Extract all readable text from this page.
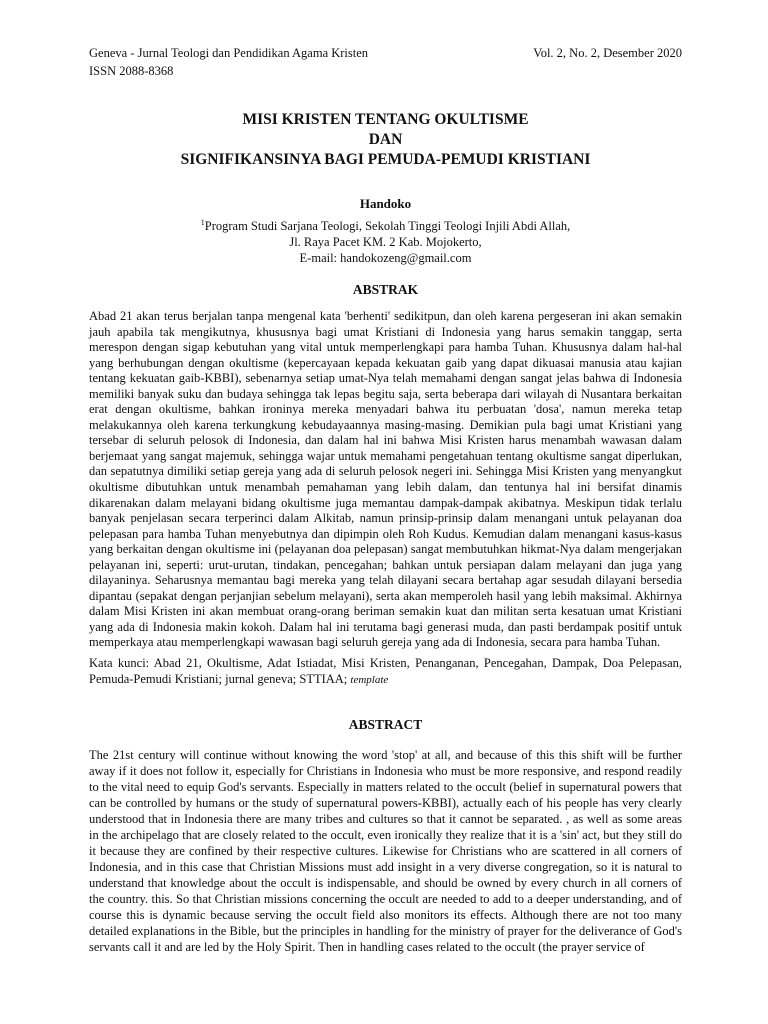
Geneva - Jurnal Teologi dan Pendidikan Agama Kristen	Vol. 2, No. 2, Desember 2020
ISSN 2088-8368

MISI KRISTEN TENTANG OKULTISME

DAN

SIGNIFIKANSINYA BAGI PEMUDA-PEMUDI KRISTIANI

Handoko
$^1$Program Studi Sarjana Teologi, Sekolah Tinggi Teologi Injili Abdi Allah,
Jl. Raya Pacet KM. 2 Kab. Mojokerto,
E-mail: handokozeng@gmail.com
ABSTRAK

Abad 21 akan terus berjalan tanpa mengenal kata 'berhenti' sedikitpun, dan oleh karena pergeseran ini akan semakin jauh apabila tak mengikutnya, khususnya bagi umat Kristiani di Indonesia yang harus semakin tanggap, serta merespon dengan sigap kebutuhan yang vital untuk memperlengkapi para hamba Tuhan. Khususnya dalam hal-hal yang berhubungan dengan okultisme (kepercayaan kepada kekuatan gaib yang dapat dikuasai manusia atau kajian tentang kekuatan gaib-KBBI), sebenarnya setiap umat-Nya telah memahami dengan sangat jelas bahwa di Indonesia memiliki banyak suku dan budaya sehingga tak lepas begitu saja, serta beberapa dari wilayah di Nusantara berkaitan erat dengan okultisme, bahkan ironinya mereka menyadari bahwa itu perbuatan 'dosa', namun mereka tetap melakukannya oleh karena terkungkung kebudayaannya masing-masing. Demikian pula bagi umat Kristiani yang tersebar di seluruh pelosok di Indonesia, dan dalam hal ini bahwa Misi Kristen harus menambah wawasan dalam berjemaat yang sangat majemuk, sehingga wajar untuk memahami pengetahuan tentang okultisme sangat diperlukan, dan sepatutnya dimiliki setiap gereja yang ada di seluruh pelosok negeri ini. Sehingga Misi Kristen yang menyangkut okultisme dibutuhkan untuk menambah pemahaman yang lebih dalam, dan tentunya hal ini bersifat dinamis dikarenakan dalam melayani bidang okultisme juga memantau dampak-dampak akibatnya. Meskipun tidak terlalu banyak penjelasan secara terperinci dalam Alkitab, namun prinsip-prinsip dalam menangani untuk pelayanan doa pelepasan para hamba Tuhan menyebutnya dan dipimpin oleh Roh Kudus. Kemudian dalam menangani kasus-kasus yang berkaitan dengan okultisme ini (pelayanan doa pelepasan) sangat membutuhkan hikmat-Nya dalam mengerjakan pelayanan ini, seperti: urut-urutan, tindakan, pencegahan; bahkan untuk persiapan dalam melayani dan juga yang dilayaninya. Seharusnya memantau bagi mereka yang telah dilayani secara bertahap agar sesudah dilayani bersedia dipantau (sepakat dengan perjanjian sebelum melayani), serta akan memperoleh hasil yang lebih maksimal. Akhirnya dalam Misi Kristen ini akan membuat orang-orang beriman semakin kuat dan militan serta kesatuan umat Kristiani yang ada di Indonesia makin kokoh. Dalam hal ini terutama bagi generasi muda, dan pasti berdampak positif untuk memperkaya atau memperlengkapi wawasan bagi seluruh gereja yang ada di Indonesia, secara para hamba Tuhan.

Kata kunci: Abad 21, Okultisme, Adat Istiadat, Misi Kristen, Penanganan, Pencegahan, Dampak, Doa Pelepasan, Pemuda-Pemudi Kristiani; jurnal geneva; STTIAA; template

ABSTRACT

The 21st century will continue without knowing the word 'stop' at all, and because of this this shift will be further away if it does not follow it, especially for Christians in Indonesia who must be more responsive, and respond readily to the vital need to equip God's servants. Especially in matters related to the occult (belief in supernatural powers that can be controlled by humans or the study of supernatural powers-KBBI), actually each of his people has very clearly understood that in Indonesia there are many tribes and cultures so that it cannot be separated. , as well as some areas in the archipelago that are closely related to the occult, even ironically they realize that it is a 'sin' act, but they still do it because they are confined by their respective cultures. Likewise for Christians who are scattered in all corners of Indonesia, and in this case that Christian Missions must add insight in a very diverse congregation, so it is natural to understand that knowledge about the occult is indispensable, and should be owned by every church in all corners of the country. this. So that Christian missions concerning the occult are needed to add to a deeper understanding, and of course this is dynamic because serving the occult field also monitors its effects. Although there are not too many detailed explanations in the Bible, but the principles in handling for the ministry of prayer for the deliverance of God's servants call it and are led by the Holy Spirit. Then in handling cases related to the occult (the prayer service of
